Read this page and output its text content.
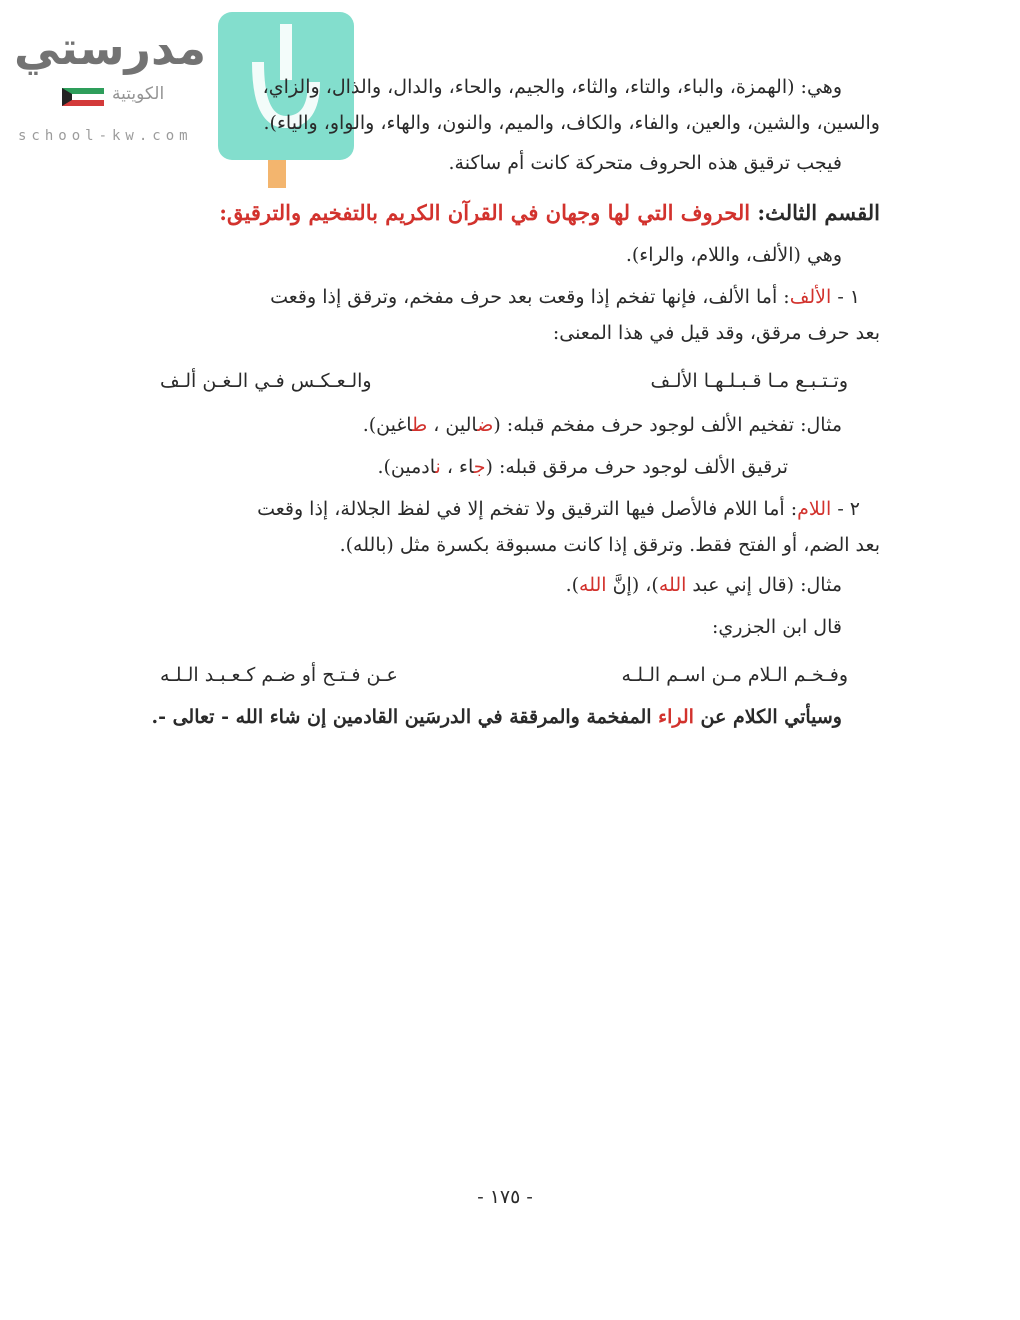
مدرستي
الكويتية
school-kw.com
وهي: (الهمزة، والباء، والتاء، والثاء، والجيم، والحاء، والدال، والذال، والزاي،
والسين، والشين، والعين، والفاء، والكاف، والميم، والنون، والهاء، والواو، والياء).
فيجب ترقيق هذه الحروف متحركة كانت أم ساكنة.
القسم الثالث: الحروف التي لها وجهان في القرآن الكريم بالتفخيم والترقيق:
وهي (الألف، واللام، والراء).
١ - الألف: أما الألف، فإنها تفخم إذا وقعت بعد حرف مفخم، وترقق إذا وقعت
بعد حرف مرقق، وقد قيل في هذا المعنى:
وتـتـبـع مـا قـبـلـهـا الألـف
والـعـكـس فـي الـغـن ألـف
مثال: تفخيم الألف لوجود حرف مفخم قبله: (ضالين ، طاغين).
ترقيق الألف لوجود حرف مرقق قبله: (جاء ، نادمين).
٢ - اللام: أما اللام فالأصل فيها الترقيق ولا تفخم إلا في لفظ الجلالة، إذا وقعت
بعد الضم، أو الفتح فقط. وترقق إذا كانت مسبوقة بكسرة مثل (بالله).
مثال: (قال إني عبد الله)، (إنَّ الله).
قال ابن الجزري:
وفـخـم الـلام مـن اسـم الـلـه
عـن فـتـح أو ضـم كـعـبـد الـلـه
وسيأتي الكلام عن الراء المفخمة والمرققة في الدرسَين القادمين إن شاء الله - تعالى -.
- ١٧٥ -
